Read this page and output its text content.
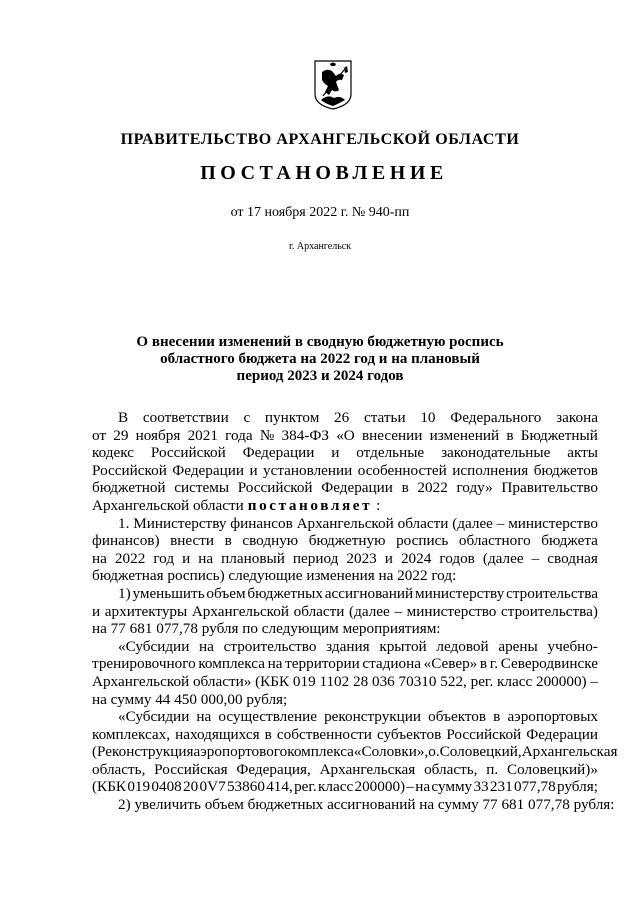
ПРАВИТЕЛЬСТВО АРХАНГЕЛЬСКОЙ ОБЛАСТИ
ПОСТАНОВЛЕНИЕ
от 17 ноября 2022 г. № 940-пп
г. Архангельск
О внесении изменений в сводную бюджетную роспись
областного бюджета на 2022 год и на плановый
период 2023 и 2024 годов
В соответствии с пунктом 26 статьи 10 Федерального закона
от 29 ноября 2021 года № 384-ФЗ «О внесении изменений в Бюджетный
кодекс Российской Федерации и отдельные законодательные акты
Российской Федерации и установлении особенностей исполнения бюджетов
бюджетной системы Российской Федерации в 2022 году» Правительство
Архангельской области постановляет :
1. Министерству финансов Архангельской области (далее – министерство
финансов) внести в сводную бюджетную роспись областного бюджета
на 2022 год и на плановый период 2023 и 2024 годов (далее – сводная
бюджетная роспись) следующие изменения на 2022 год:
1) уменьшить объем бюджетных ассигнований министерству строительства
и архитектуры Архангельской области (далее – министерство строительства)
на 77 681 077,78 рубля по следующим мероприятиям:
«Субсидии на строительство здания крытой ледовой арены учебно-
тренировочного комплекса на территории стадиона «Север» в г. Северодвинске
Архангельской области» (КБК 019 1102 28 036 70310 522, рег. класс 200000) –
на сумму 44 450 000,00 рубля;
«Субсидии на осуществление реконструкции объектов в аэропортовых
комплексах, находящихся в собственности субъектов Российской Федерации
(Реконструкция аэропортового комплекса «Соловки», о. Соловецкий, Архангельская
область, Российская Федерация, Архангельская область, п. Соловецкий)»
(КБК 019 0408 20 0V7 53860 414, рег. класс 200000) – на сумму 33 231 077,78 рубля;
2) увеличить объем бюджетных ассигнований на сумму 77 681 077,78 рубля:
